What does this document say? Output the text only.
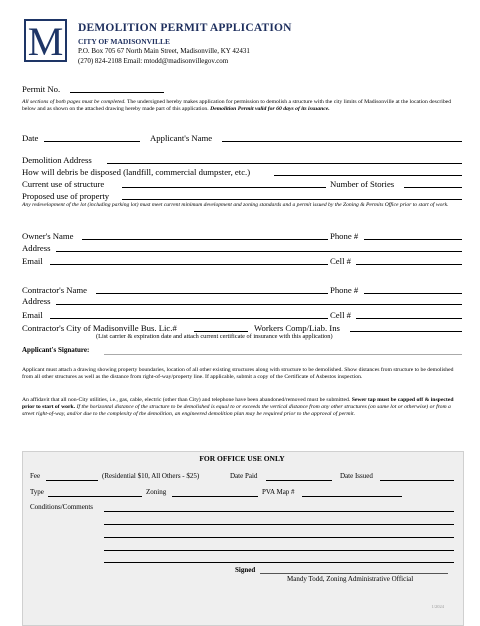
M DEMOLITION PERMIT APPLICATION
CITY OF MADISONVILLE
P.O. Box 705 67 North Main Street, Madisonville, KY 42431
(270) 824-2108 Email: mtodd@madisonvillegov.com
Permit No.
All sections of both pages must be completed. The undersigned hereby makes application for permission to demolish a structure with the city limits of Madisonville at the location described below and as shown on the attached drawing hereby made part of this application. Demolition Permit valid for 60 days of its issuance.
Date	Applicant's Name
Demolition Address
How will debris be disposed (landfill, commercial dumpster, etc.)
Current use of structure	Number of Stories
Proposed use of property
Any redevelopment of the lot (including parking lot) must meet current minimum development and zoning standards and a permit issued by the Zoning & Permits Office prior to start of work.
Owner's Name	Phone #
Address
Email	Cell #
Contractor's Name	Phone #
Address
Email	Cell #
Contractor's City of Madisonville Bus. Lic.#	Workers Comp/Liab. Ins
(List carrier & expiration date and attach current certificate of insurance with this application)
Applicant's Signature:
Applicant must attach a drawing showing property boundaries, location of all other existing structures along with structure to be demolished. Show distances from structure to be demolished from all other structures as well as the distance from right-of-way/property line. If applicable, submit a copy of the Certificate of Asbestos inspection.
An affidavit that all non-City utilities, i.e., gas, cable, electric (other than City) and telephone have been abandoned/removed must be submitted. Sewer tap must be capped off & inspected prior to start of work. If the horizontal distance of the structure to be demolished is equal to or exceeds the vertical distance from any other structures (on same lot or otherwise) or from a street right-of-way, and/or due to the complexity of the demolition, an engineered demolition plan may be required prior to the approval of permit.
FOR OFFICE USE ONLY
Fee	(Residential $10, All Others - $25)	Date Paid	Date Issued
Type	Zoning	PVA Map #
Conditions/Comments
Signed
Mandy Todd, Zoning Administrative Official
1/2024
